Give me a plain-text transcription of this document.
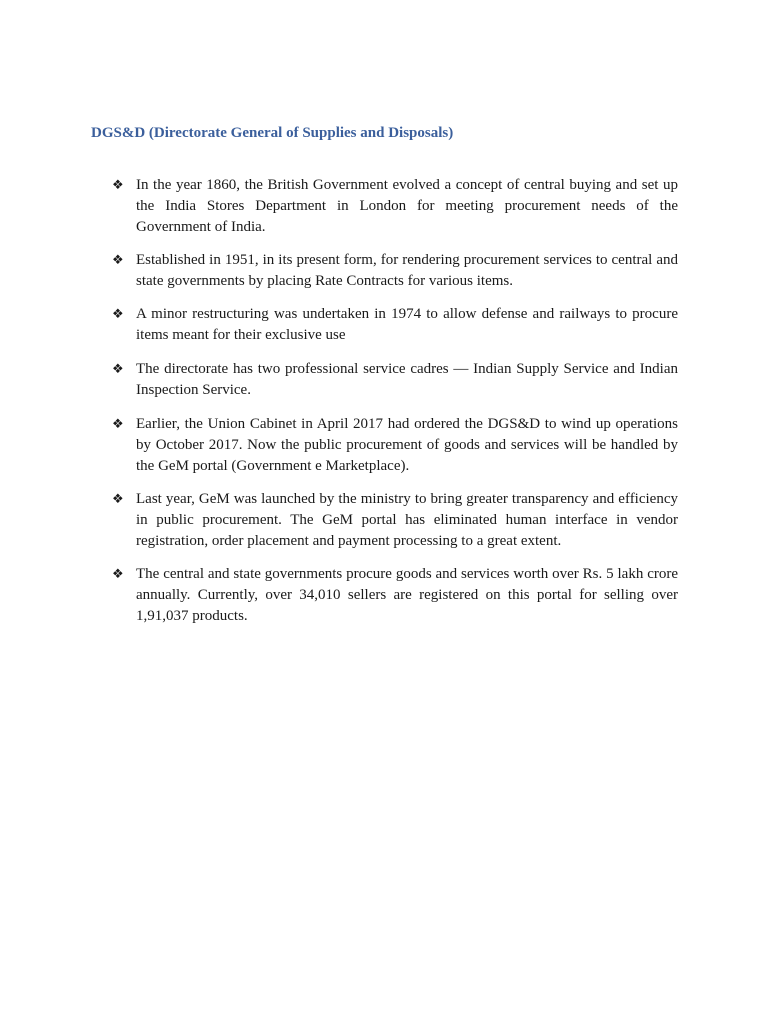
DGS&D (Directorate General of Supplies and Disposals)
❖ In the year 1860, the British Government evolved a concept of central buying and set up the India Stores Department in London for meeting procurement needs of the Government of India.
❖ Established in 1951, in its present form, for rendering procurement services to central and state governments by placing Rate Contracts for various items.
❖ A minor restructuring was undertaken in 1974 to allow defense and railways to procure items meant for their exclusive use
❖ The directorate has two professional service cadres — Indian Supply Service and Indian Inspection Service.
❖ Earlier, the Union Cabinet in April 2017 had ordered the DGS&D to wind up operations by October 2017. Now the public procurement of goods and services will be handled by the GeM portal (Government e Marketplace).
❖ Last year, GeM was launched by the ministry to bring greater transparency and efficiency in public procurement. The GeM portal has eliminated human interface in vendor registration, order placement and payment processing to a great extent.
❖ The central and state governments procure goods and services worth over Rs. 5 lakh crore annually. Currently, over 34,010 sellers are registered on this portal for selling over 1,91,037 products.
